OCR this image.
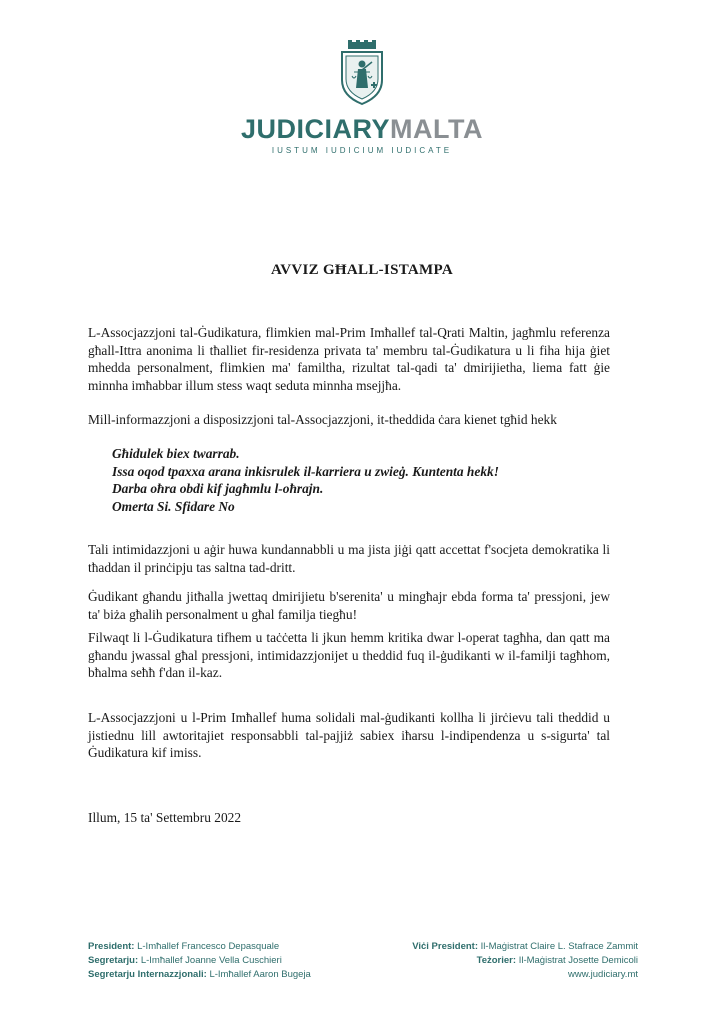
JUDICIARYMALTA
IUSTUM IUDICIUM IUDICATE
AVVIZ GĦALL-ISTAMPA
L-Assocjazzjoni tal-Ġudikatura, flimkien mal-Prim Imħallef tal-Qrati Maltin, jagħmlu referenza għall-Ittra anonima li tħalliet fir-residenza privata ta' membru tal-Ġudikatura u li fiha hija ġiet mhedda personalment, flimkien ma' familtha, rizultat tal-qadi ta' dmirijietha, liema fatt ġie minnha imħabbar illum stess waqt seduta minnha msejjħa.
Mill-informazzjoni a disposizzjoni tal-Assocjazzjoni, it-theddida ċara kienet tgħid hekk
Għidulek biex twarrab.
Issa oqod tpaxxa arana inkisrulek il-karriera u zwieġ. Kuntenta hekk!
Darba oħra obdi kif jagħmlu l-oħrajn.
Omerta Si. Sfidare No
Tali intimidazzjoni u aġir huwa kundannabbli u ma jista jiġi qatt accettat f'socjeta demokratika li tħaddan il prinċipju tas saltna tad-dritt.
Ġudikant għandu jitħalla jwettaq dmirijietu b'serenita' u mingħajr ebda forma ta' pressjoni, jew ta' biża għalih personalment u għal familja tiegħu!
Filwaqt li l-Ġudikatura tifhem u taċċetta li jkun hemm kritika dwar l-operat tagħha, dan qatt ma għandu jwassal għal pressjoni, intimidazzjonijet u theddid fuq il-ġudikanti w il-familji tagħhom, bħalma seħħ f'dan il-kaz.
L-Assocjazzjoni u l-Prim Imħallef huma solidali mal-ġudikanti kollha li jirċievu tali theddid u jistiednu lill awtoritajiet responsabbli tal-pajjiż sabiex iħarsu l-indipendenza u s-sigurta' tal Ġudikatura kif imiss.
Illum, 15 ta' Settembru 2022
President: L-Imħallef Francesco Depasquale
Segretarju: L-Imħallef Joanne Vella Cuschieri
Segretarju Internazzjonali: L-Imħallef Aaron Bugeja
Viċi President: Il-Maġistrat Claire L. Stafrace Zammit
Teżorier: Il-Maġistrat Josette Demicoli
www.judiciary.mt
